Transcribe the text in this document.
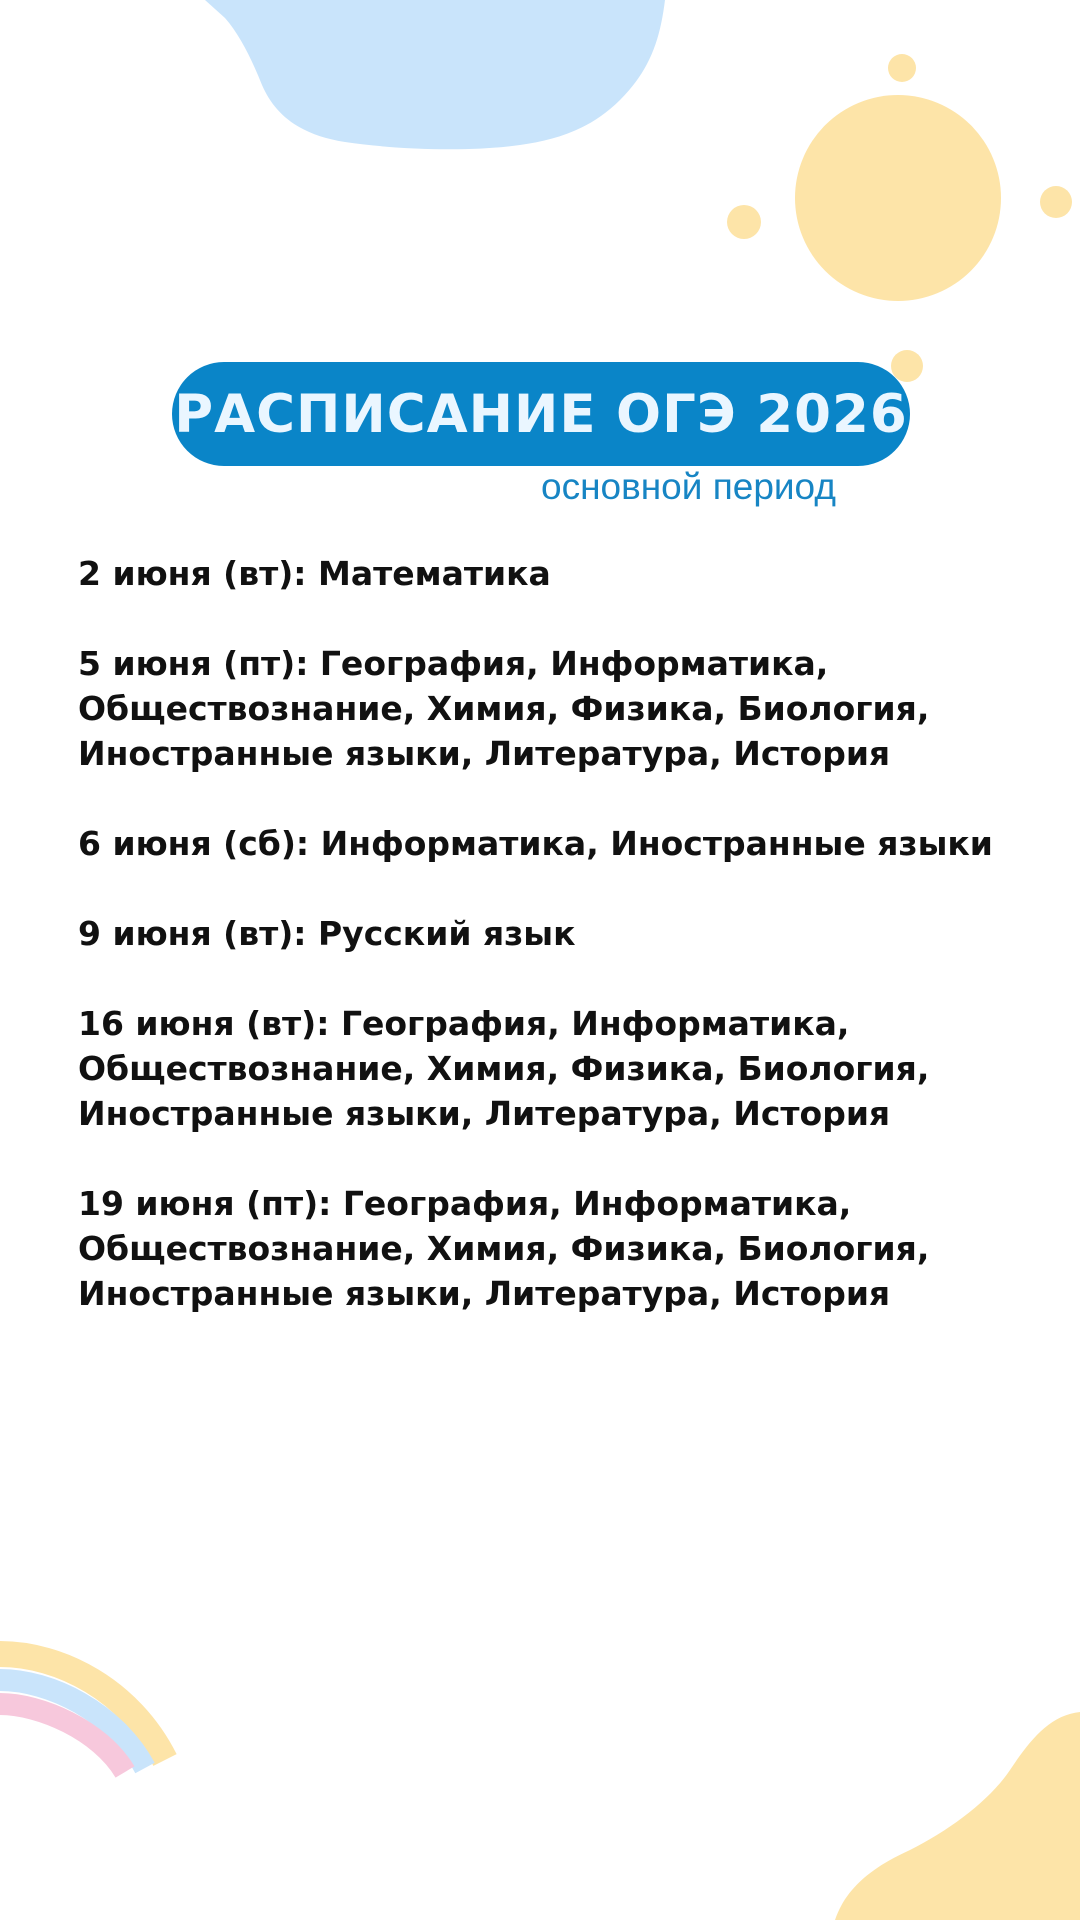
РАСПИСАНИЕ ОГЭ 2026
основной период
2 июня (вт): Математика
5 июня (пт): География, Информатика,
Обществознание, Химия, Физика, Биология,
Иностранные языки, Литература, История
6 июня (сб): Информатика, Иностранные языки
9 июня (вт): Русский язык
16 июня (вт): География, Информатика,
Обществознание, Химия, Физика, Биология,
Иностранные языки, Литература, История
19 июня (пт): География, Информатика,
Обществознание, Химия, Физика, Биология,
Иностранные языки, Литература, История
